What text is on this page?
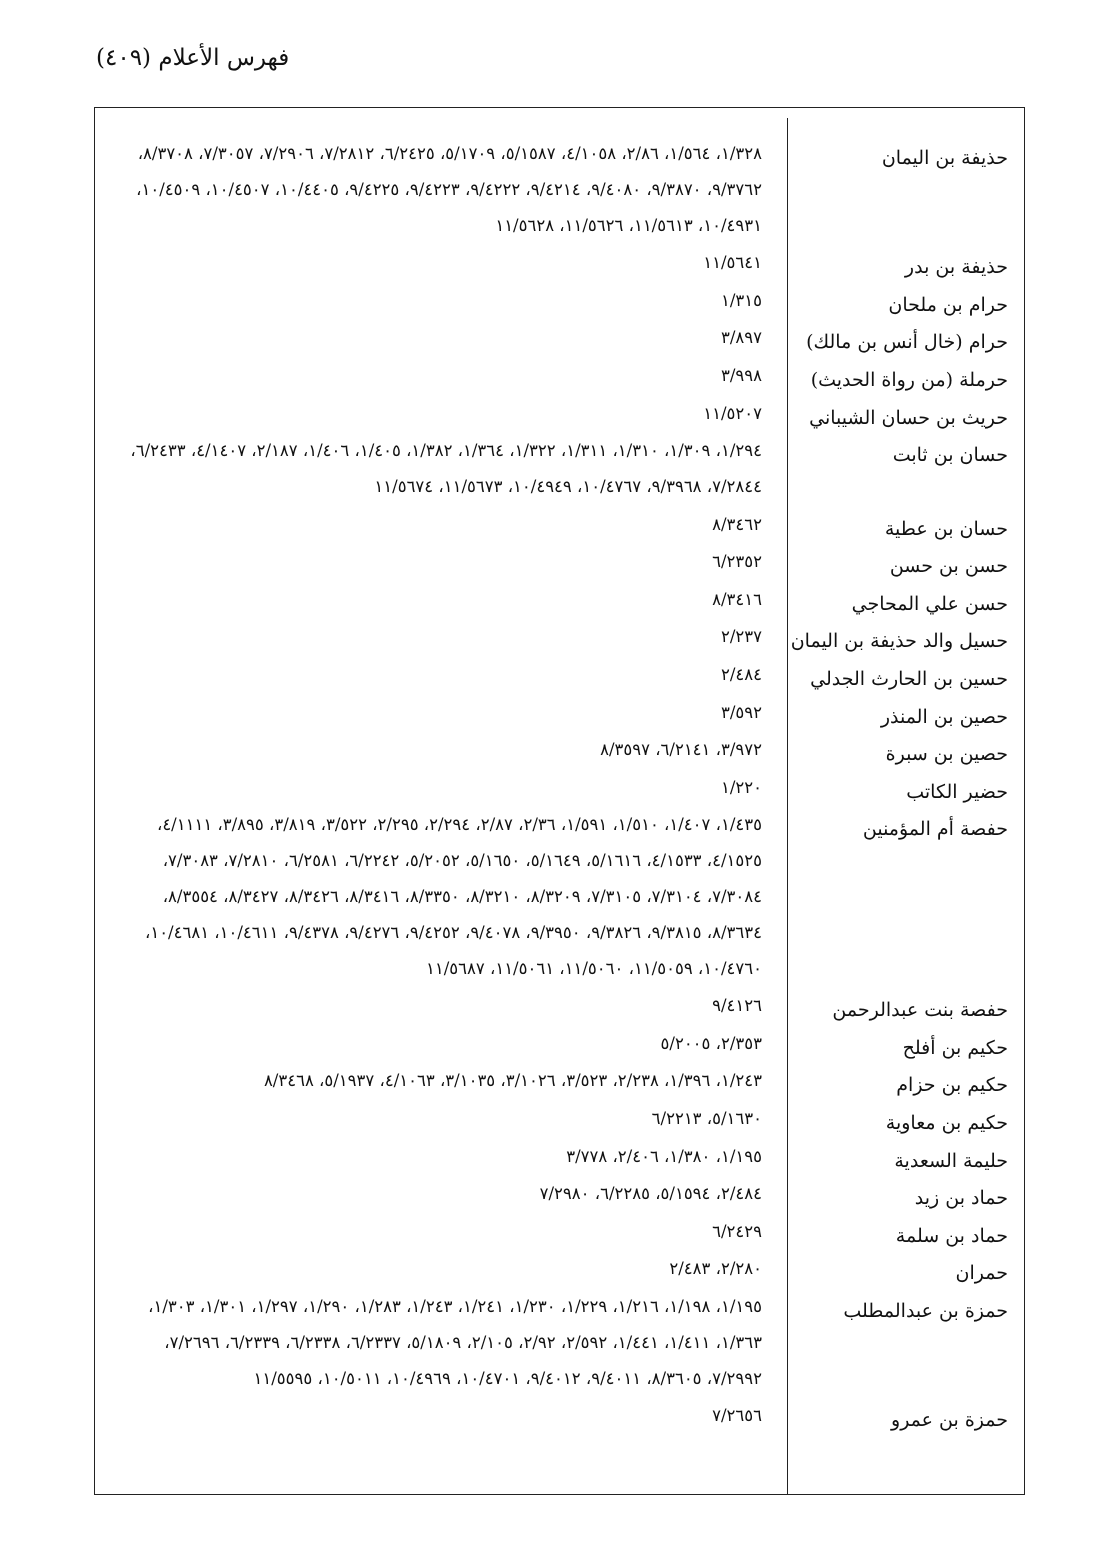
فهرس الأعلام (٤٠٩)
حذيفة بن اليمان
١/٣٢٨، ١/٥٦٤، ٢/٨٦، ٤/١٠٥٨، ٥/١٥٨٧، ٥/١٧٠٩، ٦/٢٤٢٥، ٧/٢٨١٢، ٧/٢٩٠٦، ٧/٣٠٥٧، ٨/٣٧٠٨،
٩/٣٧٦٢، ٩/٣٨٧٠، ٩/٤٠٨٠، ٩/٤٢١٤، ٩/٤٢٢٢، ٩/٤٢٢٣، ٩/٤٢٢٥، ١٠/٤٤٠٥، ١٠/٤٥٠٧، ١٠/٤٥٠٩،
١٠/٤٩٣١، ١١/٥٦١٣، ١١/٥٦٢٦، ١١/٥٦٢٨
حذيفة بن بدر
١١/٥٦٤١
حرام بن ملحان
١/٣١٥
حرام (خال أنس بن مالك)
٣/٨٩٧
حرملة (من رواة الحديث)
٣/٩٩٨
حريث بن حسان الشيباني
١١/٥٢٠٧
حسان بن ثابت
١/٢٩٤، ١/٣٠٩، ١/٣١٠، ١/٣١١، ١/٣٢٢، ١/٣٦٤، ١/٣٨٢، ١/٤٠٥، ١/٤٠٦، ٢/١٨٧، ٤/١٤٠٧، ٦/٢٤٣٣،
٧/٢٨٤٤، ٩/٣٩٦٨، ١٠/٤٧٦٧، ١٠/٤٩٤٩، ١١/٥٦٧٣، ١١/٥٦٧٤
حسان بن عطية
٨/٣٤٦٢
حسن بن حسن
٦/٢٣٥٢
حسن علي المحاجي
٨/٣٤١٦
حسيل والد حذيفة بن اليمان
٢/٢٣٧
حسين بن الحارث الجدلي
٢/٤٨٤
حصين بن المنذر
٣/٥٩٢
حصين بن سبرة
٣/٩٧٢، ٦/٢١٤١، ٨/٣٥٩٧
حضير الكاتب
١/٢٢٠
حفصة أم المؤمنين
١/٤٣٥، ١/٤٠٧، ١/٥١٠، ١/٥٩١، ٢/٣٦، ٢/٨٧، ٢/٢٩٤، ٢/٢٩٥، ٣/٥٢٢، ٣/٨١٩، ٣/٨٩٥، ٤/١١١١،
٤/١٥٢٥، ٤/١٥٣٣، ٥/١٦١٦، ٥/١٦٤٩، ٥/١٦٥٠، ٥/٢٠٥٢، ٦/٢٢٤٢، ٦/٢٥٨١، ٧/٢٨١٠، ٧/٣٠٨٣،
٧/٣٠٨٤، ٧/٣١٠٤، ٧/٣١٠٥، ٨/٣٢٠٩، ٨/٣٢١٠، ٨/٣٣٥٠، ٨/٣٤١٦، ٨/٣٤٢٦، ٨/٣٤٢٧، ٨/٣٥٥٤،
٨/٣٦٣٤، ٩/٣٨١٥، ٩/٣٨٢٦، ٩/٣٩٥٠، ٩/٤٠٧٨، ٩/٤٢٥٢، ٩/٤٢٧٦، ٩/٤٣٧٨، ١٠/٤٦١١، ١٠/٤٦٨١،
١٠/٤٧٦٠، ١١/٥٠٥٩، ١١/٥٠٦٠، ١١/٥٠٦١، ١١/٥٦٨٧
حفصة بنت عبدالرحمن
٩/٤١٢٦
حكيم بن أفلح
٢/٣٥٣، ٥/٢٠٠٥
حكيم بن حزام
١/٢٤٣، ١/٣٩٦، ٢/٢٣٨، ٣/٥٢٣، ٣/١٠٢٦، ٣/١٠٣٥، ٤/١٠٦٣، ٥/١٩٣٧، ٨/٣٤٦٨
حكيم بن معاوية
٥/١٦٣٠، ٦/٢٢١٣
حليمة السعدية
١/١٩٥، ١/٣٨٠، ٢/٤٠٦، ٣/٧٧٨
حماد بن زيد
٢/٤٨٤، ٥/١٥٩٤، ٦/٢٢٨٥، ٧/٢٩٨٠
حماد بن سلمة
٦/٢٤٢٩
حمران
٢/٢٨٠، ٢/٤٨٣
حمزة بن عبدالمطلب
١/١٩٥، ١/١٩٨، ١/٢١٦، ١/٢٢٩، ١/٢٣٠، ١/٢٤١، ١/٢٤٣، ١/٢٨٣، ١/٢٩٠، ١/٢٩٧، ١/٣٠١، ١/٣٠٣،
١/٣٦٣، ١/٤١١، ١/٤٤١، ٢/٥٩٢، ٢/٩٢، ٢/١٠٥، ٥/١٨٠٩، ٦/٢٣٣٧، ٦/٢٣٣٨، ٦/٢٣٣٩، ٧/٢٦٩٦،
٧/٢٩٩٢، ٨/٣٦٠٥، ٩/٤٠١١، ٩/٤٠١٢، ١٠/٤٧٠١، ١٠/٤٩٦٩، ١٠/٥٠١١، ١١/٥٥٩٥
حمزة بن عمرو
٧/٢٦٥٦
